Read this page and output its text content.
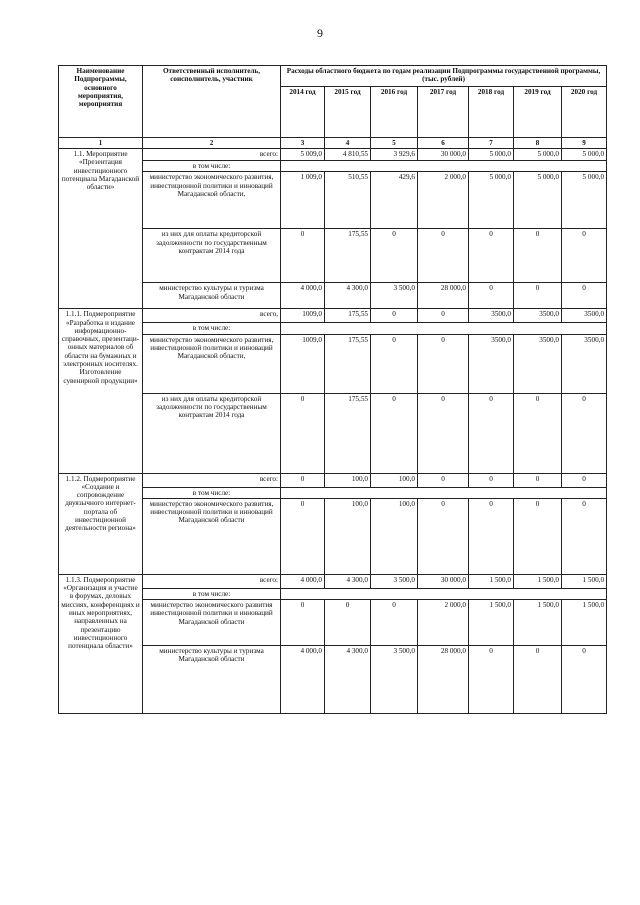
9
Наименование Подпрограммы, основного мероприятия, мероприятия	Ответственный исполнитель, соисполнитель, участник	Расходы областного бюджета по годам реализации Подпрограммы государственной программы, (тыс. рублей)						
		2014 год	2015 год	2016 год	2017 год	2018 год	2019 год	2020 год
1	2	3	4	5	6	7	8	9
1.1. Мероприятие «Презентация инвестиционного потенциала Магаданской области»	всего:	5 009,0	4 810,55	3 929,6	30 000,0	5 000,0	5 000,0	5 000,0
	в том числе:							
	министерство экономического развития, инвестиционной политики и инноваций Магаданской области,	1 009,0	510,55	429,6	2 000,0	5 000,0	5 000,0	5 000,0
	из них для оплаты кредиторской задолженности по государственным контрактам 2014 года	0	175,55	0	0	0	0	0
	министерство культуры и туризма Магаданской области	4 000,0	4 300,0	3 500,0	28 000,0	0	0	0
1.1.1. Подмероприятие «Разработка и издание информационно-справочных, презентаци-онных материалов об области на бумажных и электронных носителях. Изготовление сувенирной продукции»	всего,	1009,0	175,55	0	0	3500,0	3500,0	3500,0
	в том числе:							
	министерство экономического развития, инвестиционной политики и инноваций Магаданской области,	1009,0	175,55	0	0	3500,0	3500,0	3500,0
	из них для оплаты кредиторской задолженности по государственным контрактам 2014 года	0	175,55	0	0	0	0	0
1.1.2. Подмероприятие «Создание и сопровождение двуязычного интернет-портала об инвестиционной деятельности региона»	всего:	0	100,0	100,0	0	0	0	0
	в том числе:							
	министерство экономического развития, инвестиционной политики и инноваций Магаданской области	0	100,0	100,0	0	0	0	0
1.1.3. Подмероприятие «Организация и участие в форумах, деловых миссиях, конференциях и иных мероприятиях, направленных на презентацию инвестиционного потенциала области»	всего:	4 000,0	4 300,0	3 500,0	30 000,0	1 500,0	1 500,0	1 500,0
	в том числе:							
	министерство экономического развития инвестиционной политики и инноваций Магаданской области	0	0	0	2 000,0	1 500,0	1 500,0	1 500,0
	министерство культуры и туризма Магаданской области	4 000,0	4 300,0	3 500,0	28 000,0	0	0	0
